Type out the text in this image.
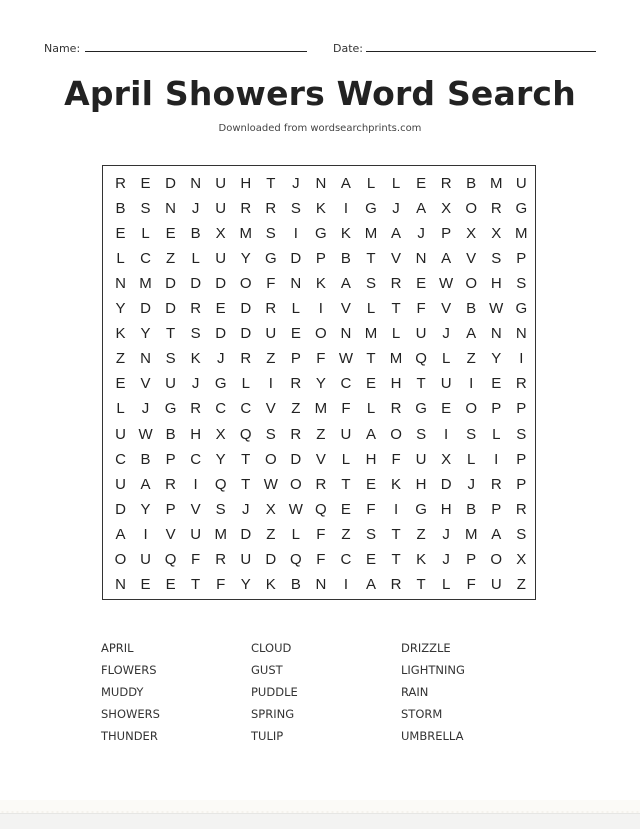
Name:	Date:
April Showers Word Search
Downloaded from wordsearchprints.com
R E D N U H	T	J	N A	L	L	E R B M U
B	S N	J	U R R S	K	I	G	J	A	X O R G
E	L	E	B	X M S	I	G K M A	J	P	X	X M
L	C	Z	L	U Y G D P	B	T	V N A	V	S	P
N M D D D O F	N K	A	S R E W O H S
Y D D R E D R	L	I	V	L	T	F	V	B W G
K	Y	T	S D D U E O N M L	U	J	A N N
Z	N S	K	J	R	Z	P	F W T M Q	L	Z	Y	I
E	V U	J	G	L	I	R Y C E H	T	U	I	E R
L	J	G R C C V	Z M F	L	R G E O P	P
U W B H X Q S R	Z	U A O S	I	S	L	S
C B	P C Y	T O D V	L	H	F	U X	L	I	P
U A R	I	Q T W O R	T	E	K H D	J	R P
D Y	P	V	S	J	X W Q E	F	I	G H B	P R
A	I	V U M D	Z	L	F	Z	S	T	Z	J	M A	S
O U Q F	R U D Q F	C E	T	K	J	P O X
N E	E	T	F	Y	K	B N	I	A R	T	L	F	U	Z
APRIL	CLOUD	DRIZZLE
FLOWERS	GUST	LIGHTNING
MUDDY	PUDDLE	RAIN
SHOWERS	SPRING	STORM
THUNDER	TULIP	UMBRELLA
